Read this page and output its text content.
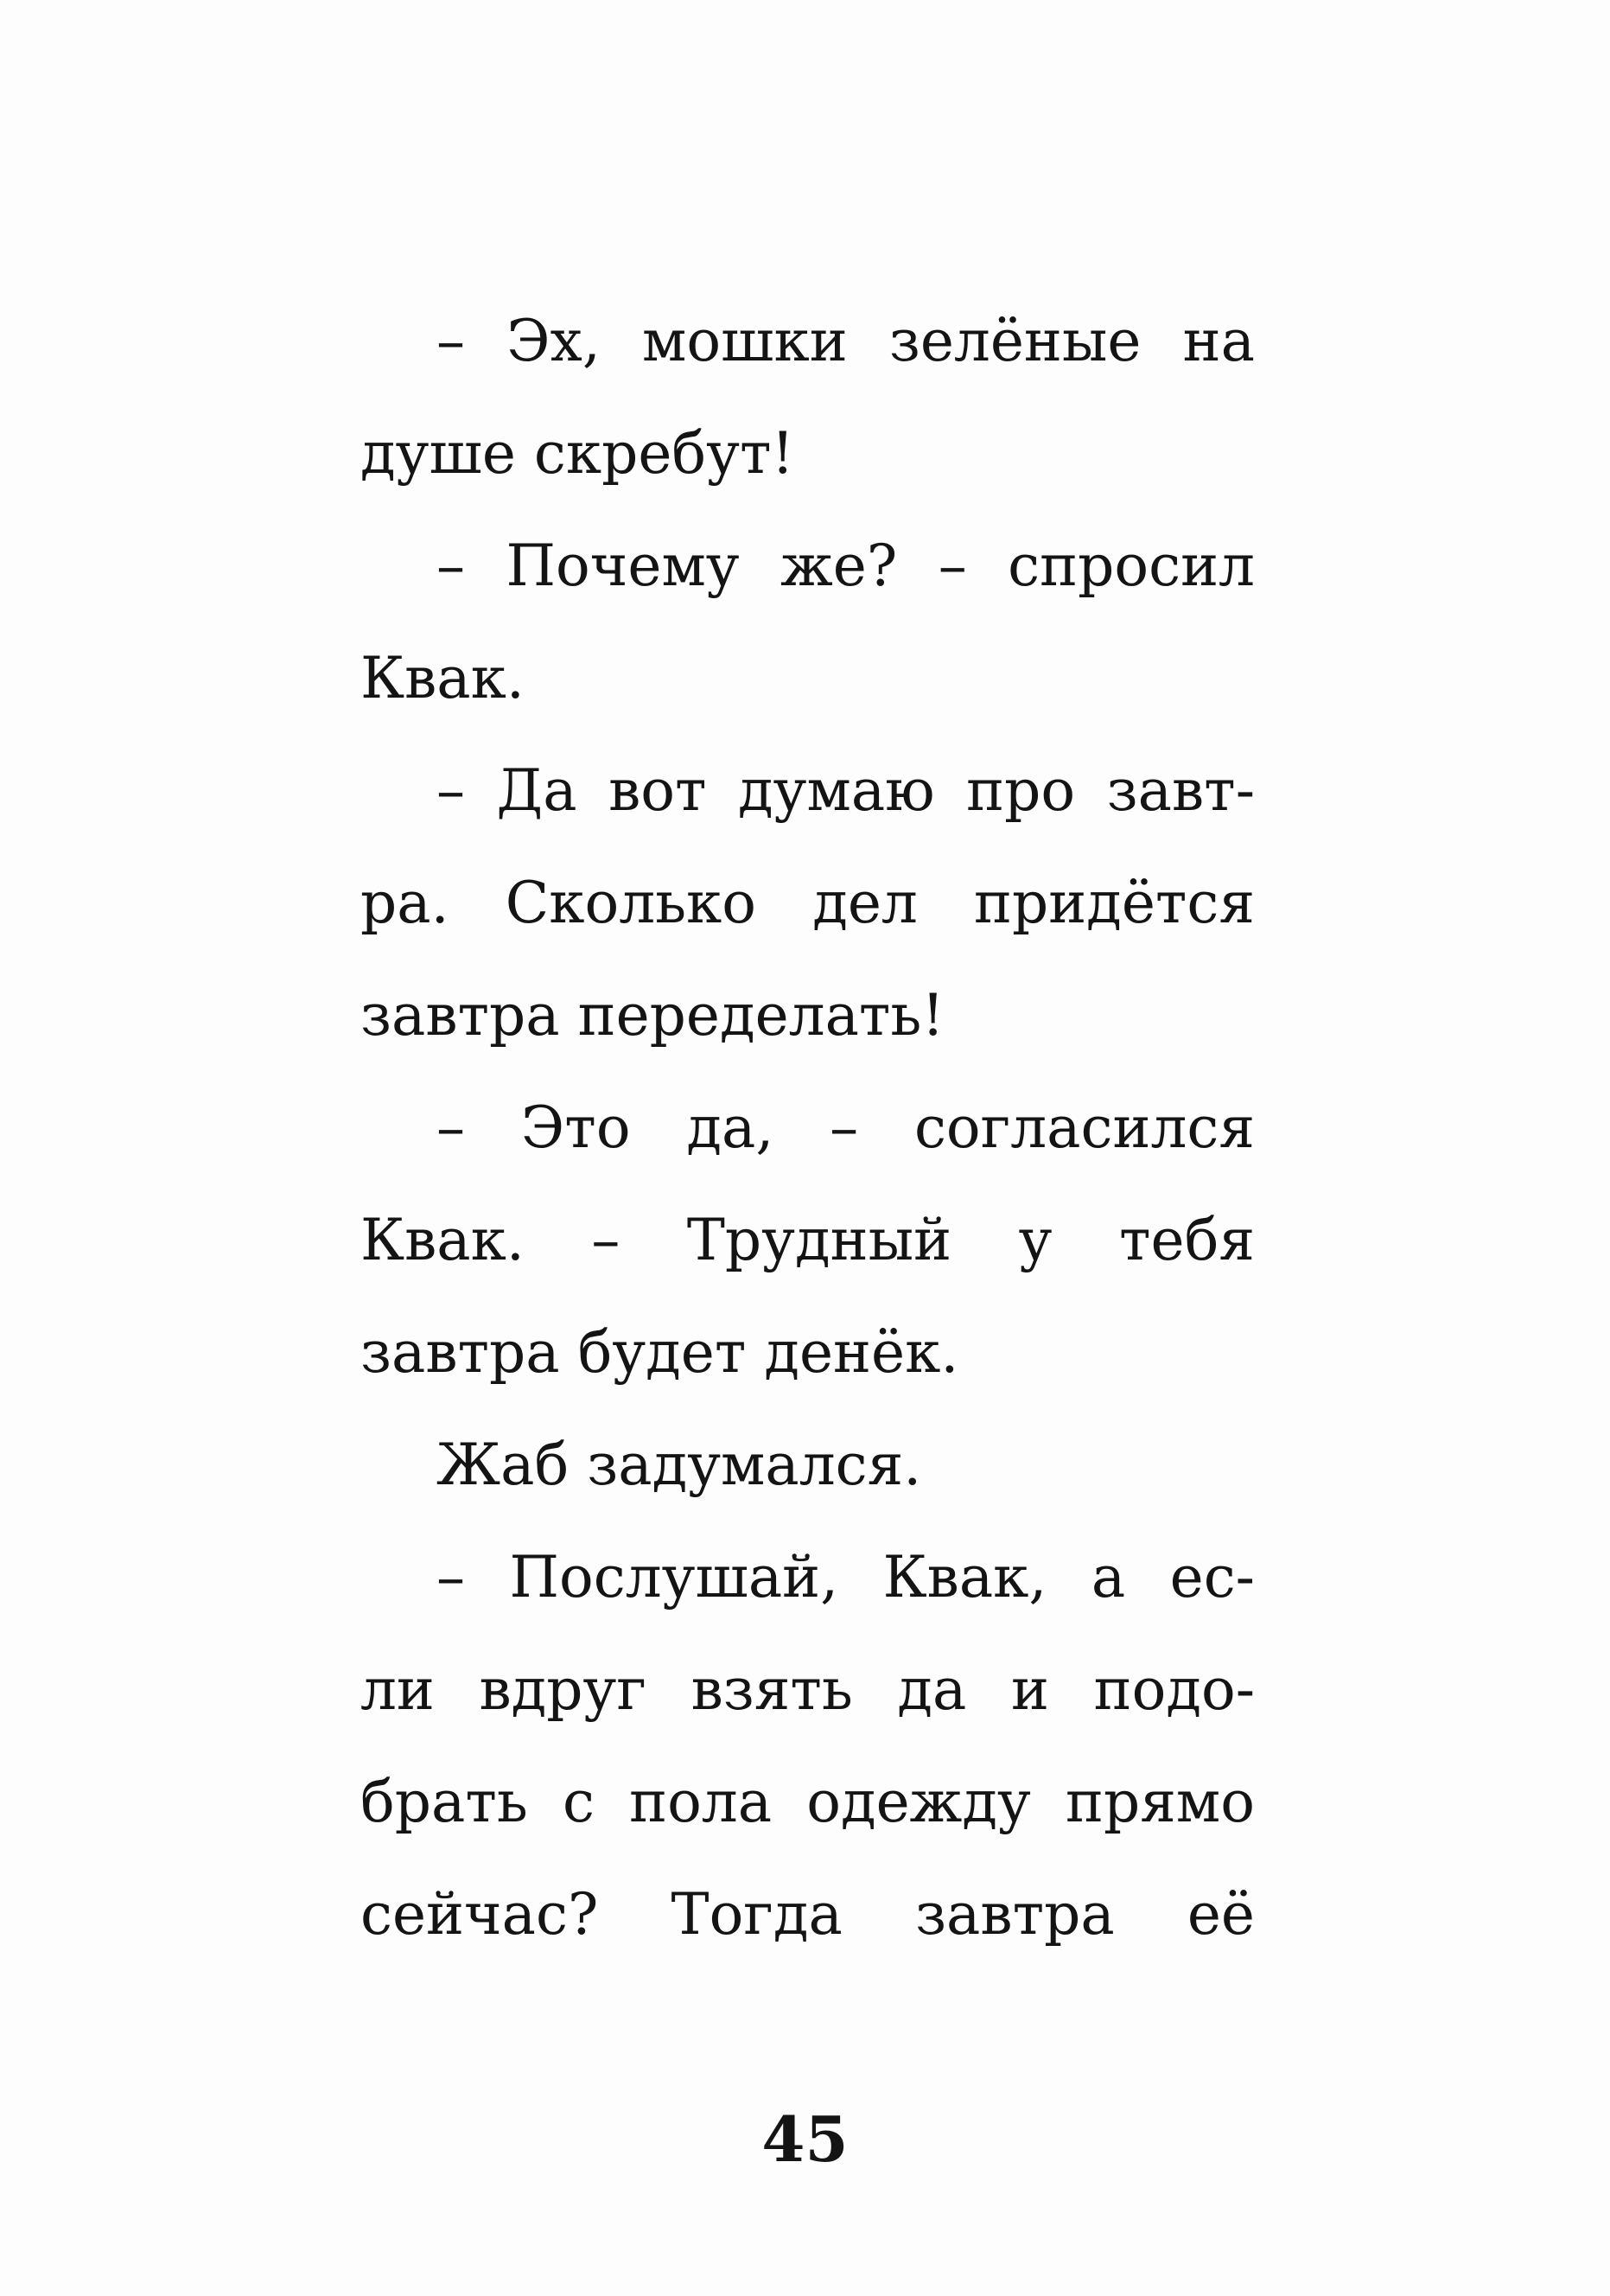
– Эх, мошки зелёные на
душе скребут!
– Почему же? – спросил
Квак.
– Да вот думаю про завт-
ра. Сколько дел придётся
завтра переделать!
– Это да, – согласился
Квак. – Трудный у тебя
завтра будет денёк.
Жаб задумался.
– Послушай, Квак, а ес-
ли вдруг взять да и подо-
брать с пола одежду прямо
сейчас? Тогда завтра её
45
